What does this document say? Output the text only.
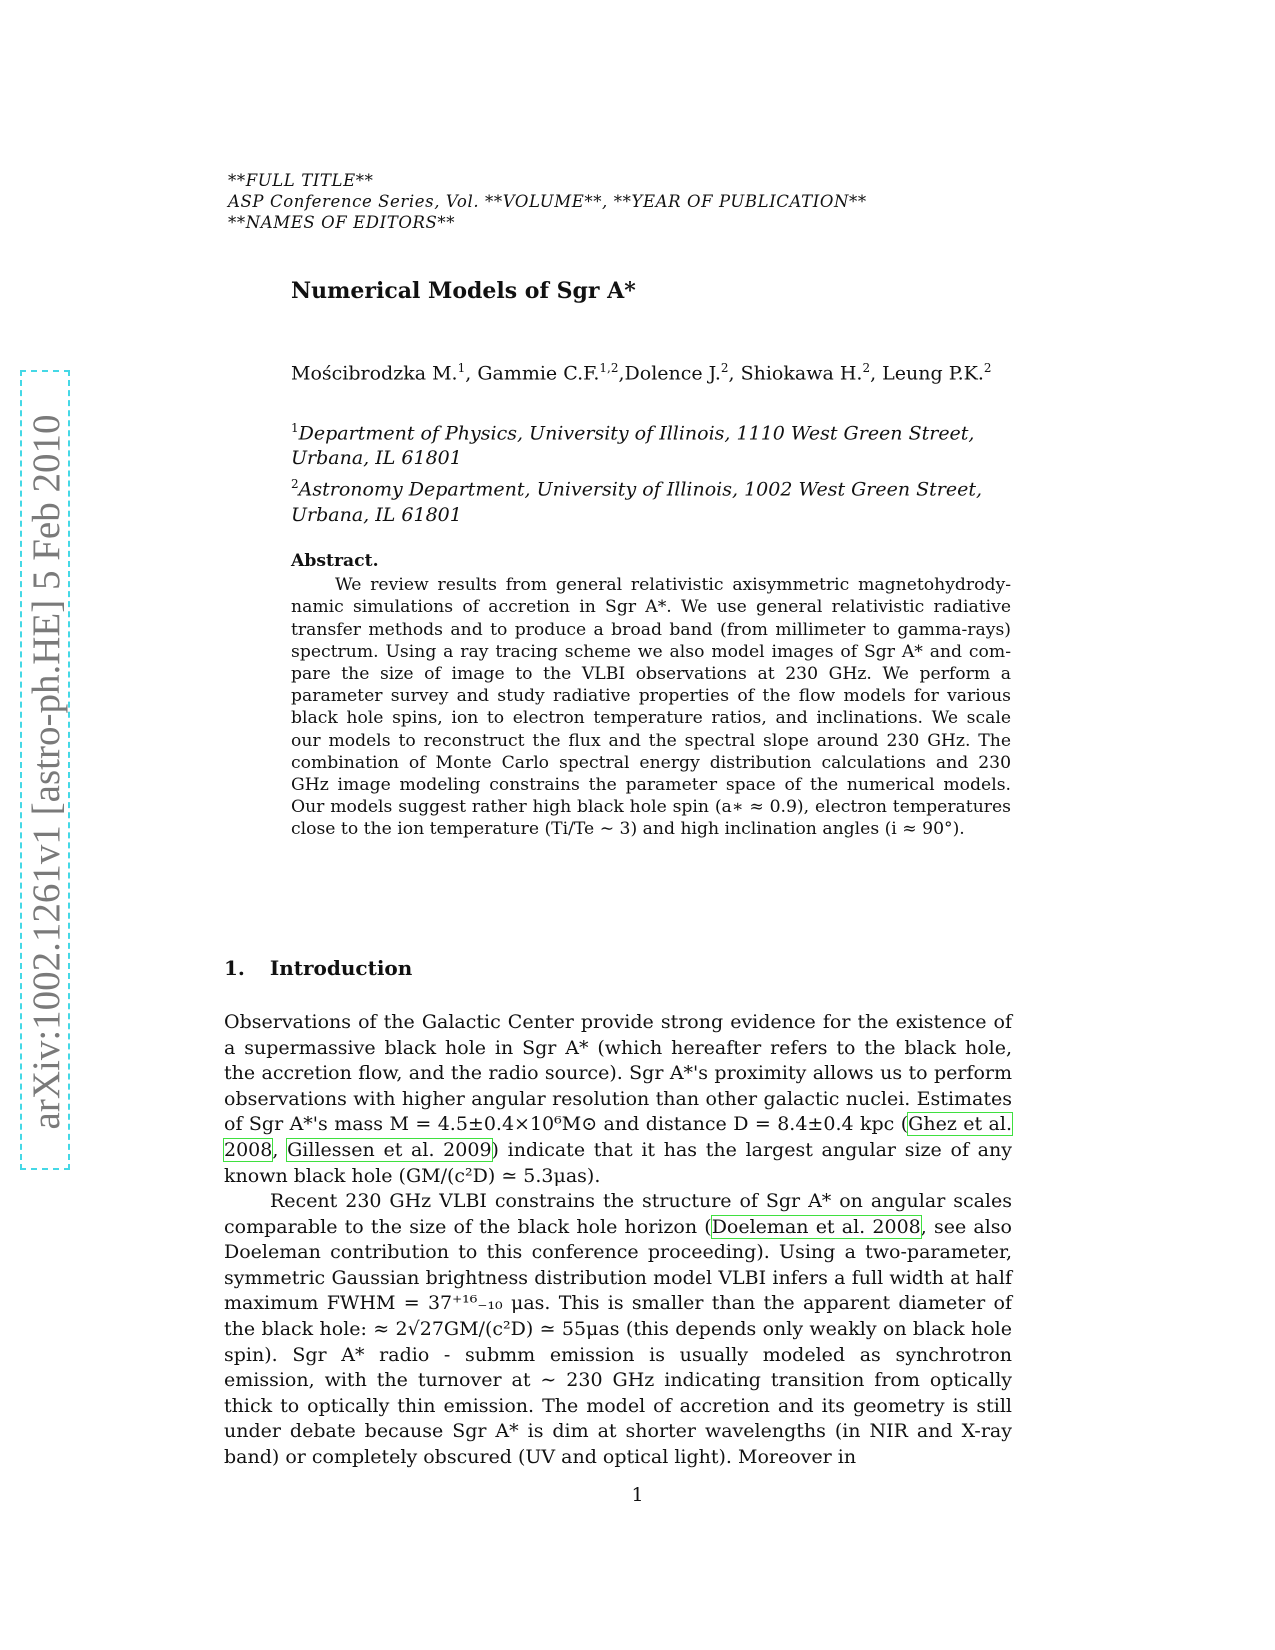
arXiv:1002.1261v1 [astro-ph.HE] 5 Feb 2010
**FULL TITLE**
ASP Conference Series, Vol. **VOLUME**, **YEAR OF PUBLICATION**
**NAMES OF EDITORS**
Numerical Models of Sgr A*
Mościbrodzka M.$^1$, Gammie C.F.$^{1,2}$,Dolence J.$^2$, Shiokawa H.$^2$, Leung P.K.$^2$
$^1$Department of Physics, University of Illinois, 1110 West Green Street, Urbana, IL 61801
$^2$Astronomy Department, University of Illinois, 1002 West Green Street, Urbana, IL 61801
Abstract.
We review results from general relativistic axisymmetric magnetohydrodynamic simulations of accretion in Sgr A*. We use general relativistic radiative transfer methods and to produce a broad band (from millimeter to gamma-rays) spectrum. Using a ray tracing scheme we also model images of Sgr A* and compare the size of image to the VLBI observations at 230 GHz. We perform a parameter survey and study radiative properties of the flow models for various black hole spins, ion to electron temperature ratios, and inclinations. We scale our models to reconstruct the flux and the spectral slope around 230 GHz. The combination of Monte Carlo spectral energy distribution calculations and 230 GHz image modeling constrains the parameter space of the numerical models. Our models suggest rather high black hole spin (a∗ ≈ 0.9), electron temperatures close to the ion temperature (Ti/Te ∼ 3) and high inclination angles (i ≈ 90°).
1. Introduction
Observations of the Galactic Center provide strong evidence for the existence of a supermassive black hole in Sgr A* (which hereafter refers to the black hole, the accretion flow, and the radio source). Sgr A*'s proximity allows us to perform observations with higher angular resolution than other galactic nuclei. Estimates of Sgr A*'s mass M = 4.5±0.4×10⁶M⊙ and distance D = 8.4±0.4 kpc (Ghez et al. 2008, Gillessen et al. 2009) indicate that it has the largest angular size of any known black hole (GM/(c²D) ≃ 5.3μas).
Recent 230 GHz VLBI constrains the structure of Sgr A* on angular scales comparable to the size of the black hole horizon (Doeleman et al. 2008, see also Doeleman contribution to this conference proceeding). Using a two-parameter, symmetric Gaussian brightness distribution model VLBI infers a full width at half maximum FWHM = 37⁺¹⁶₋₁₀ μas. This is smaller than the apparent diameter of the black hole: ≈ 2√27GM/(c²D) ≃ 55μas (this depends only weakly on black hole spin). Sgr A* radio - submm emission is usually modeled as synchrotron emission, with the turnover at ∼ 230 GHz indicating transition from optically thick to optically thin emission. The model of accretion and its geometry is still under debate because Sgr A* is dim at shorter wavelengths (in NIR and X-ray band) or completely obscured (UV and optical light). Moreover in
1
